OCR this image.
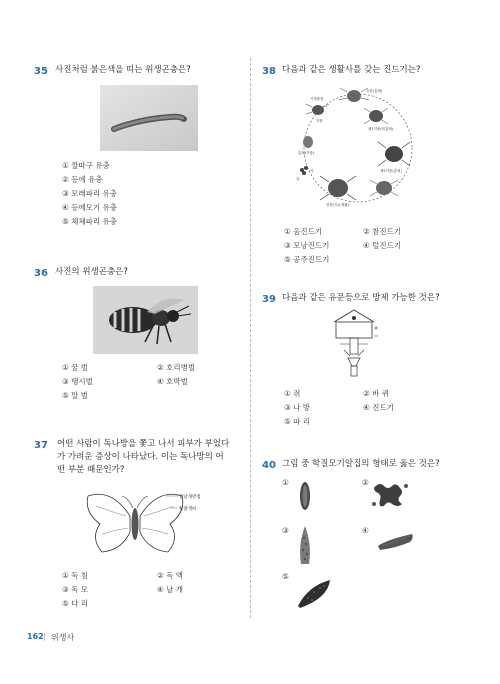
35 사진처럼 붉은색을 띠는 위생곤충은?
① 깔따구 유충
② 등에 유충
③ 모래파리 유충
④ 등에모기 유충
⑤ 체체파리 유충
36 사진의 위생곤충은?
① 꿀 벌	② 호리병벌
③ 땡시벌	④ 호박벌
⑤ 말 벌
37 어떤 사람이 독나방을 쫓고 나서 피부가 부었다
가 가려운 증상이 나타났다. 이는 독나방의 어
떤 부분 때문인가?
앞날개반점
황갈색띠
① 독 침	② 독 액
③ 독 모	④ 날 개
⑤ 다 리
38 다음과 같은 생활사를 갖는 진드기는?
기생충형
유충(흡혈)
약충
흡혈(약충)
약
성충(자유생활)
제1약충(비흡혈)
제2약충(흡혈)
알
① 옴진드기	② 참진드기
③ 모낭진드기	④ 털진드기
⑤ 공주진드기
39 다음과 같은 유문등으로 방제 가능한 것은?
① 쥐	② 바 퀴
③ 나 방	④ 진드기
⑤ 파 리
40 그림 중 학질모기알집의 형태로 옳은 것은?
①	②
③	④
⑤
162 | 위생사
